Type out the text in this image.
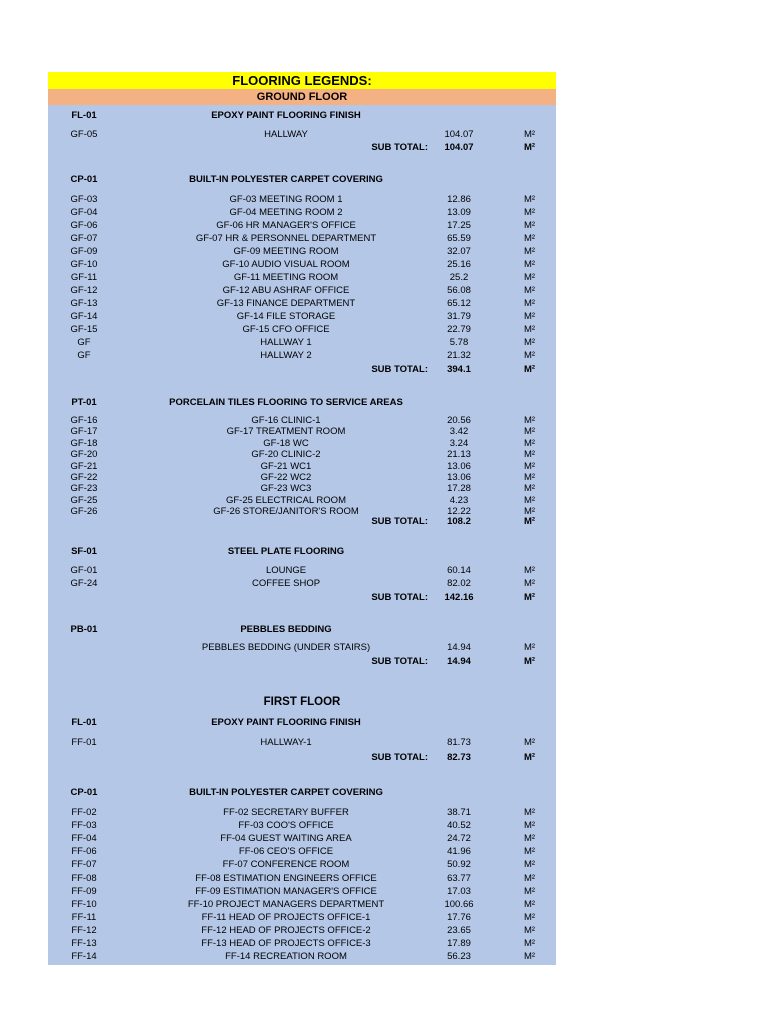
FLOORING LEGENDS:
GROUND FLOOR
FL-01	EPOXY PAINT FLOORING FINISH
GF-05	HALLWAY	104.07	M²
SUB TOTAL:	104.07	M²
CP-01	BUILT-IN POLYESTER CARPET COVERING
GF-03	GF-03 MEETING ROOM 1	12.86	M²
GF-04	GF-04 MEETING ROOM 2	13.09	M²
GF-06	GF-06 HR MANAGER'S OFFICE	17.25	M²
GF-07	GF-07 HR & PERSONNEL DEPARTMENT	65.59	M²
GF-09	GF-09 MEETING ROOM	32.07	M²
GF-10	GF-10 AUDIO VISUAL ROOM	25.16	M²
GF-11	GF-11 MEETING ROOM	25.2	M²
GF-12	GF-12 ABU ASHRAF OFFICE	56.08	M²
GF-13	GF-13 FINANCE DEPARTMENT	65.12	M²
GF-14	GF-14 FILE STORAGE	31.79	M²
GF-15	GF-15 CFO OFFICE	22.79	M²
GF	HALLWAY 1	5.78	M²
GF	HALLWAY 2	21.32	M²
SUB TOTAL:	394.1	M²
PT-01	PORCELAIN TILES FLOORING TO SERVICE AREAS
GF-16	GF-16 CLINIC-1	20.56	M²
GF-17	GF-17 TREATMENT ROOM	3.42	M²
GF-18	GF-18 WC	3.24	M²
GF-20	GF-20 CLINIC-2	21.13	M²
GF-21	GF-21 WC1	13.06	M²
GF-22	GF-22 WC2	13.06	M²
GF-23	GF-23 WC3	17.28	M²
GF-25	GF-25 ELECTRICAL ROOM	4.23	M²
GF-26	GF-26 STORE/JANITOR'S ROOM	12.22	M²
SUB TOTAL:	108.2	M²
SF-01	STEEL PLATE FLOORING
GF-01	LOUNGE	60.14	M²
GF-24	COFFEE SHOP	82.02	M²
SUB TOTAL:	142.16	M²
PB-01	PEBBLES BEDDING
PEBBLES BEDDING (UNDER STAIRS)	14.94	M²
SUB TOTAL:	14.94	M²
FIRST FLOOR
FL-01	EPOXY PAINT FLOORING FINISH
FF-01	HALLWAY-1	81.73	M²
SUB TOTAL:	82.73	M²
CP-01	BUILT-IN POLYESTER CARPET COVERING
FF-02	FF-02 SECRETARY BUFFER	38.71	M²
FF-03	FF-03 COO'S OFFICE	40.52	M²
FF-04	FF-04 GUEST WAITING AREA	24.72	M²
FF-06	FF-06 CEO'S OFFICE	41.96	M²
FF-07	FF-07 CONFERENCE ROOM	50.92	M²
FF-08	FF-08 ESTIMATION ENGINEERS OFFICE	63.77	M²
FF-09	FF-09 ESTIMATION MANAGER'S OFFICE	17.03	M²
FF-10	FF-10 PROJECT MANAGERS DEPARTMENT	100.66	M²
FF-11	FF-11 HEAD OF PROJECTS OFFICE-1	17.76	M²
FF-12	FF-12 HEAD OF PROJECTS OFFICE-2	23.65	M²
FF-13	FF-13 HEAD OF PROJECTS OFFICE-3	17.89	M²
FF-14	FF-14 RECREATION ROOM	56.23	M²
